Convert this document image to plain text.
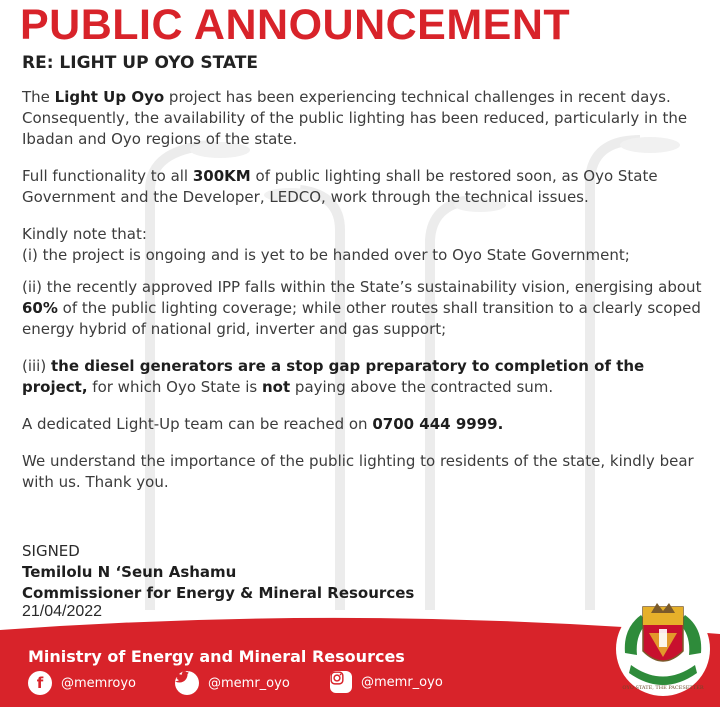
PUBLIC ANNOUNCEMENT
RE: LIGHT UP OYO STATE

The Light Up Oyo project has been experiencing technical challenges in recent days. Consequently, the availability of the public lighting has been reduced, particularly in the Ibadan and Oyo regions of the state.

Full functionality to all 300KM of public lighting shall be restored soon, as Oyo State Government and the Developer, LEDCO, work through the technical issues.

Kindly note that:

(i) the project is ongoing and is yet to be handed over to Oyo State Government;

(ii) the recently approved IPP falls within the State’s sustainability vision, energising about 60% of the public lighting coverage; while other routes shall transition to a clearly scoped energy hybrid of national grid, inverter and gas support;

(iii) the diesel generators are a stop gap preparatory to completion of the project, for which Oyo State is not paying above the contracted sum.

A dedicated Light-Up team can be reached on 0700 444 9999.

We understand the importance of the public lighting to residents of the state, kindly bear with us. Thank you.

SIGNED
Temilolu N ‘Seun Ashamu
Commissioner for Energy & Mineral Resources
21/04/2022
Ministry of Energy and Mineral Resources
f	@memroyo	@memr_oyo	@memr_oyo	OYO STATE, THE PACESETTER
